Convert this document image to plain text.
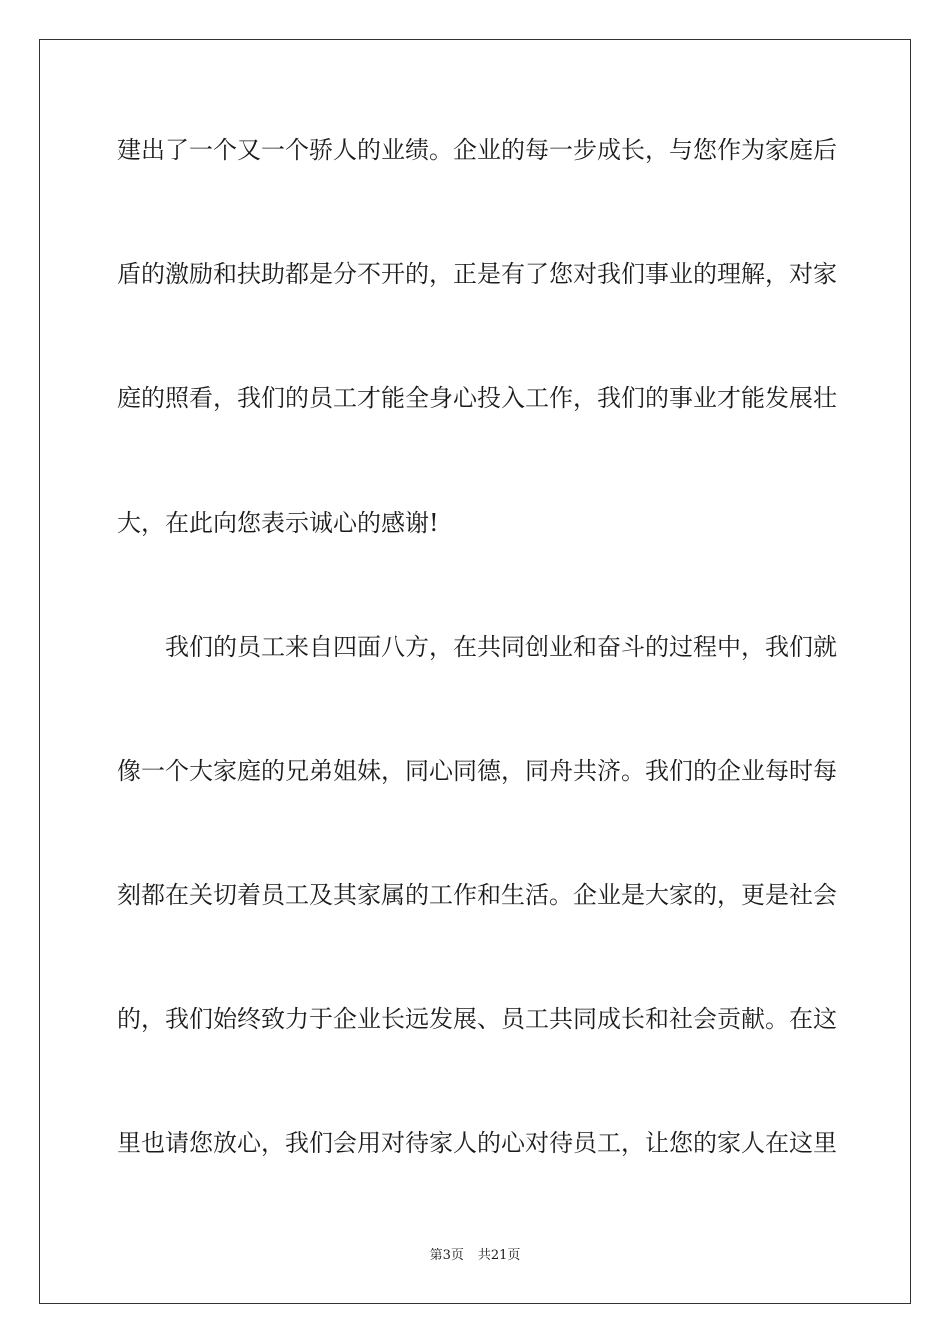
建出了一个又一个骄人的业绩。企业的每一步成长，与您作为家庭后
盾的激励和扶助都是分不开的，正是有了您对我们事业的理解，对家
庭的照看，我们的员工才能全身心投入工作，我们的事业才能发展壮
大，在此向您表示诚心的感谢!
我们的员工来自四面八方，在共同创业和奋斗的过程中，我们就
像一个大家庭的兄弟姐妹，同心同德，同舟共济。我们的企业每时每
刻都在关切着员工及其家属的工作和生活。企业是大家的，更是社会
的，我们始终致力于企业长远发展、员工共同成长和社会贡献。在这
里也请您放心，我们会用对待家人的心对待员工，让您的家人在这里
第3页 共21页
